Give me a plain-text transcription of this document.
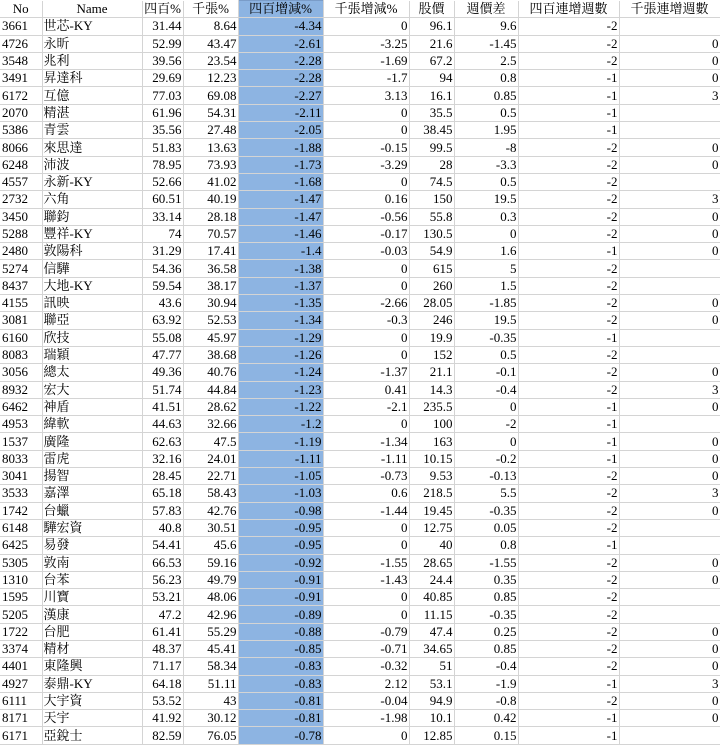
No	Name	四百%	千張%	四百增減%	千張增減%	股價	週價差	四百連增週數	千張連增週數
3661	世芯-KY	31.44	8.64	-4.34	0	96.1	9.6	-2	
4726	永昕	52.99	43.47	-2.61	-3.25	21.6	-1.45	-2	0
3548	兆利	39.56	23.54	-2.28	-1.69	67.2	2.5	-2	0
3491	昇達科	29.69	12.23	-2.28	-1.7	94	0.8	-1	0
6172	互億	77.03	69.08	-2.27	3.13	16.1	0.85	-1	3
2070	精湛	61.96	54.31	-2.11	0	35.5	0.5	-1	
5386	青雲	35.56	27.48	-2.05	0	38.45	1.95	-1	
8066	來思達	51.83	13.63	-1.88	-0.15	99.5	-8	-2	0
6248	沛波	78.95	73.93	-1.73	-3.29	28	-3.3	-2	0
4557	永新-KY	52.66	41.02	-1.68	0	74.5	0.5	-2	
2732	六角	60.51	40.19	-1.47	0.16	150	19.5	-2	3
3450	聯鈞	33.14	28.18	-1.47	-0.56	55.8	0.3	-2	0
5288	豐祥-KY	74	70.57	-1.46	-0.17	130.5	0	-2	0
2480	敦陽科	31.29	17.41	-1.4	-0.03	54.9	1.6	-1	0
5274	信驊	54.36	36.58	-1.38	0	615	5	-2	
8437	大地-KY	59.54	38.17	-1.37	0	260	1.5	-2	
4155	訊映	43.6	30.94	-1.35	-2.66	28.05	-1.85	-2	0
3081	聯亞	63.92	52.53	-1.34	-0.3	246	19.5	-2	0
6160	欣技	55.08	45.97	-1.29	0	19.9	-0.35	-1	
8083	瑞穎	47.77	38.68	-1.26	0	152	0.5	-2	
3056	總太	49.36	40.76	-1.24	-1.37	21.1	-0.1	-2	0
8932	宏大	51.74	44.84	-1.23	0.41	14.3	-0.4	-2	3
6462	神盾	41.51	28.62	-1.22	-2.1	235.5	0	-1	0
4953	緯軟	44.63	32.66	-1.2	0	100	-2	-1	
1537	廣隆	62.63	47.5	-1.19	-1.34	163	0	-1	0
8033	雷虎	32.16	24.01	-1.11	-1.11	10.15	-0.2	-1	0
3041	揚智	28.45	22.71	-1.05	-0.73	9.53	-0.13	-2	0
3533	嘉澤	65.18	58.43	-1.03	0.6	218.5	5.5	-2	3
1742	台蠟	57.83	42.76	-0.98	-1.44	19.45	-0.35	-2	0
6148	驊宏資	40.8	30.51	-0.95	0	12.75	0.05	-2	
6425	易發	54.41	45.6	-0.95	0	40	0.8	-1	
5305	敦南	66.53	59.16	-0.92	-1.55	28.65	-1.55	-2	0
1310	台苯	56.23	49.79	-0.91	-1.43	24.4	0.35	-2	0
1595	川寶	53.21	48.06	-0.91	0	40.85	0.85	-2	
5205	漢康	47.2	42.96	-0.89	0	11.15	-0.35	-2	
1722	台肥	61.41	55.29	-0.88	-0.79	47.4	0.25	-2	0
3374	精材	48.37	45.41	-0.85	-0.71	34.65	0.85	-2	0
4401	東隆興	71.17	58.34	-0.83	-0.32	51	-0.4	-2	0
4927	泰鼎-KY	64.18	51.11	-0.83	2.12	53.1	-1.9	-1	3
6111	大宇資	53.52	43	-0.81	-0.04	94.9	-0.8	-2	0
8171	天宇	41.92	30.12	-0.81	-1.98	10.1	0.42	-1	0
6171	亞銳士	82.59	76.05	-0.78	0	12.85	0.15	-1	
